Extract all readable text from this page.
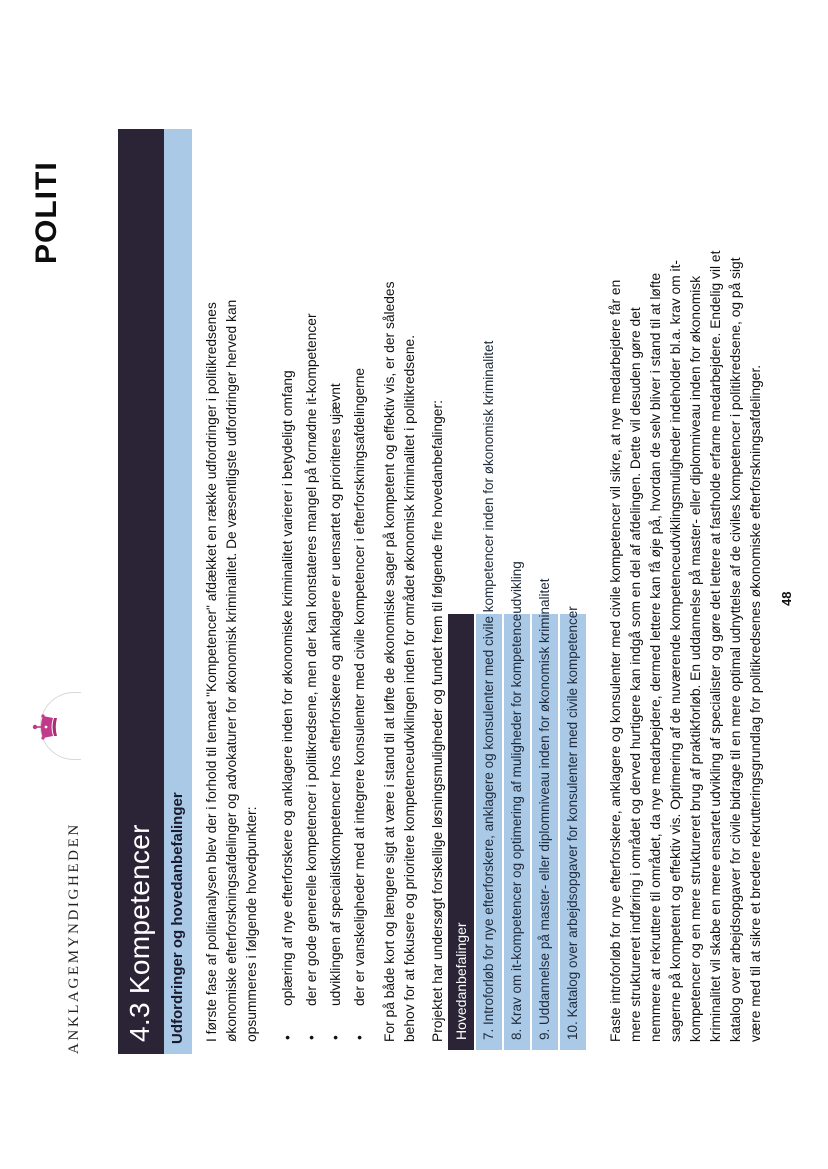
ANKLAGEMYNDIGHEDEN
POLITI
4.3 Kompetencer Udfordringer og hovedanbefalinger I første fase af politianalysen blev der i forhold til temaet "Kompetencer" afdækket en række udfordringer i politikredsenes økonomiske efterforskningsafdelinger og advokaturer for økonomisk kriminalitet. De væsentligste udfordringer herved kan opsummeres i følgende hovedpunkter: • oplæring af nye efterforskere og anklagere inden for økonomiske kriminalitet varierer i betydeligt omfang • der er gode generelle kompetencer i politikredsene, men der kan konstateres mangel på fornødne it-kompetencer • udviklingen af specialistkompetencer hos efterforskere og anklagere er uensartet og prioriteres ujævnt • der er vanskeligheder med at integrere konsulenter med civile kompetencer i efterforskningsafdelingerne	For på både kort og længere sigt at være i stand til at løfte de økonomiske sager på kompetent og effektiv vis, er der således behov for at fokusere og prioritere kompetenceudviklingen inden for området økonomisk kriminalitet i politikredsene. Projektet har undersøgt forskellige løsningsmuligheder og fundet frem til følgende fire hovedanbefalinger: Hovedanbefalinger 7. Introforløb for nye efterforskere, anklagere og konsulenter med civile kompetencer inden for økonomisk kriminalitet 8. Krav om it-kompetencer og optimering af muligheder for kompetenceudvikling 9. Uddannelse på master- eller diplomniveau inden for økonomisk kriminalitet 10. Katalog over arbejdsopgaver for konsulenter med civile kompetencer Faste introforløb for nye efterforskere, anklagere og konsulenter med civile kompetencer vil sikre, at nye medarbejdere får en mere struktureret indføring i området og derved hurtigere kan indgå som en del af afdelingen. Dette vil desuden gøre det nemmere at rekruttere til området, da nye medarbejdere, dermed lettere kan få øje på, hvordan de selv bliver i stand til at løfte sagerne på kompetent og effektiv vis. Optimering af de nuværende kompetenceudviklingsmuligheder indeholder bl.a. krav om it- kompetencer og en mere struktureret brug af praktikforløb. En uddannelse på master- eller diplomniveau inden for økonomisk kriminalitet vil skabe en mere ensartet udvikling af specialister og gøre det lettere at fastholde erfarne medarbejdere. Endelig vil et katalog over arbejdsopgaver for civile bidrage til en mere optimal udnyttelse af de civiles kompetencer i politikredsene, og på sigt være med til at sikre et bredere rekrutteringsgrundlag for politikredsenes økonomiske efterforskningsafdelinger. 48
